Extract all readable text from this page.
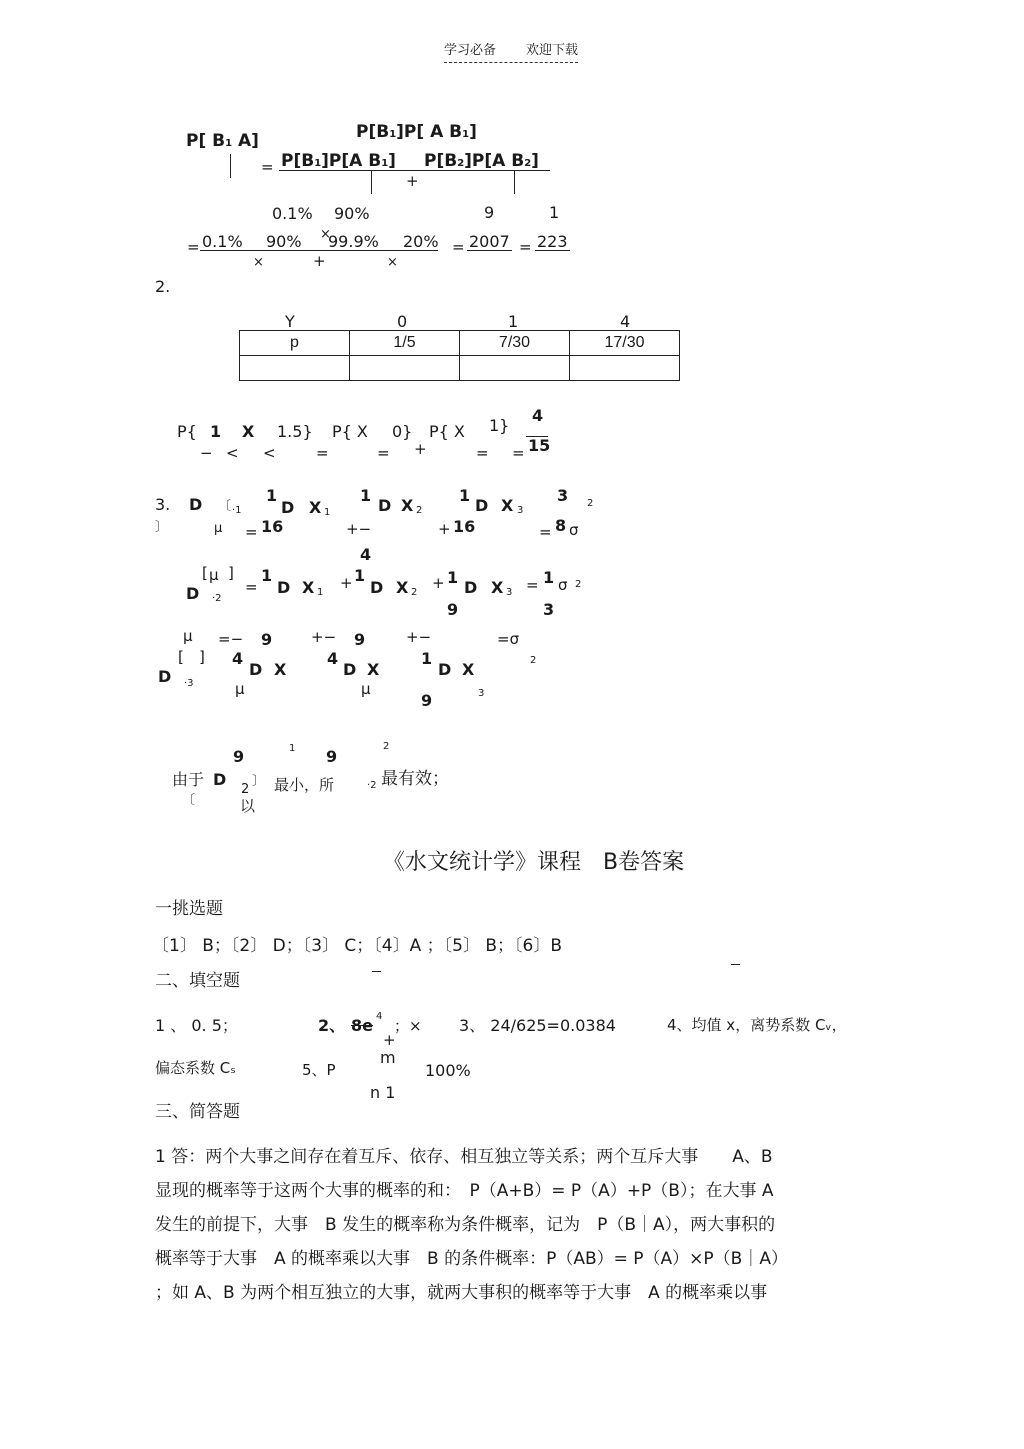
学习必备 欢迎下载
P[ B1 A]	P[B1]P[ A B1]
= P[B1]P[A B1] P[B2]P[A B2]
+
0.1% 90%	9	1
×
= 0.1% 90% 99.9% 20% = 2007 = 223
×	+	×
2.
Y	0	1	4
p	1/5	7/30	17/30

P{ 1 X 1.5} P{ X 0} P{ X 1}
4
15
− < <	=	= +	= =
3. D 〔 ·1
1
D X 1
1
D X 2
1
D X 3
3 2
〕	μ = 16	+−	+ 16	= 8 σ
4
D
[ μ ]
·2
=
1
D X 1
+ 1
D X 2
+ 1
9
D X 3 = 1
3
σ 2
μ =− 9	+− 9	+−	=σ
D
[ ]
·3
4
D X
4
D X
1
D X	2
μ	μ
9	3
9	1 9
2
由于 D
2
〕
〔	以
最小，所	·2 最有效；
《水文统计学》课程　B卷答案
一挑选题
〔1〕 B；〔2〕 D；〔3〕 C；〔4〕A ；〔5〕 B；〔6〕B
二、填空题
1 、 0. 5；	2、 8e 4
；×
+
3、 24/625=0.0384	4、均值 x，离势系数 Cᵥ，
m
偏态系数 Cₛ	5、P	100%
n 1
三、简答题
1 答：两个大事之间存在着互斥、依存、相互独立等关系；两个互斥大事　　A、B
显现的概率等于这两个大事的概率的和：　P（A+B）= P（A）+P（B）；在大事 A
发生的前提下，大事　B 发生的概率称为条件概率，记为　P（B｜A），两大事积的
概率等于大事　A 的概率乘以大事　B 的条件概率：P（AB）= P（A）×P（B｜A）
；如 A、B 为两个相互独立的大事，就两大事积的概率等于大事　A 的概率乘以事
